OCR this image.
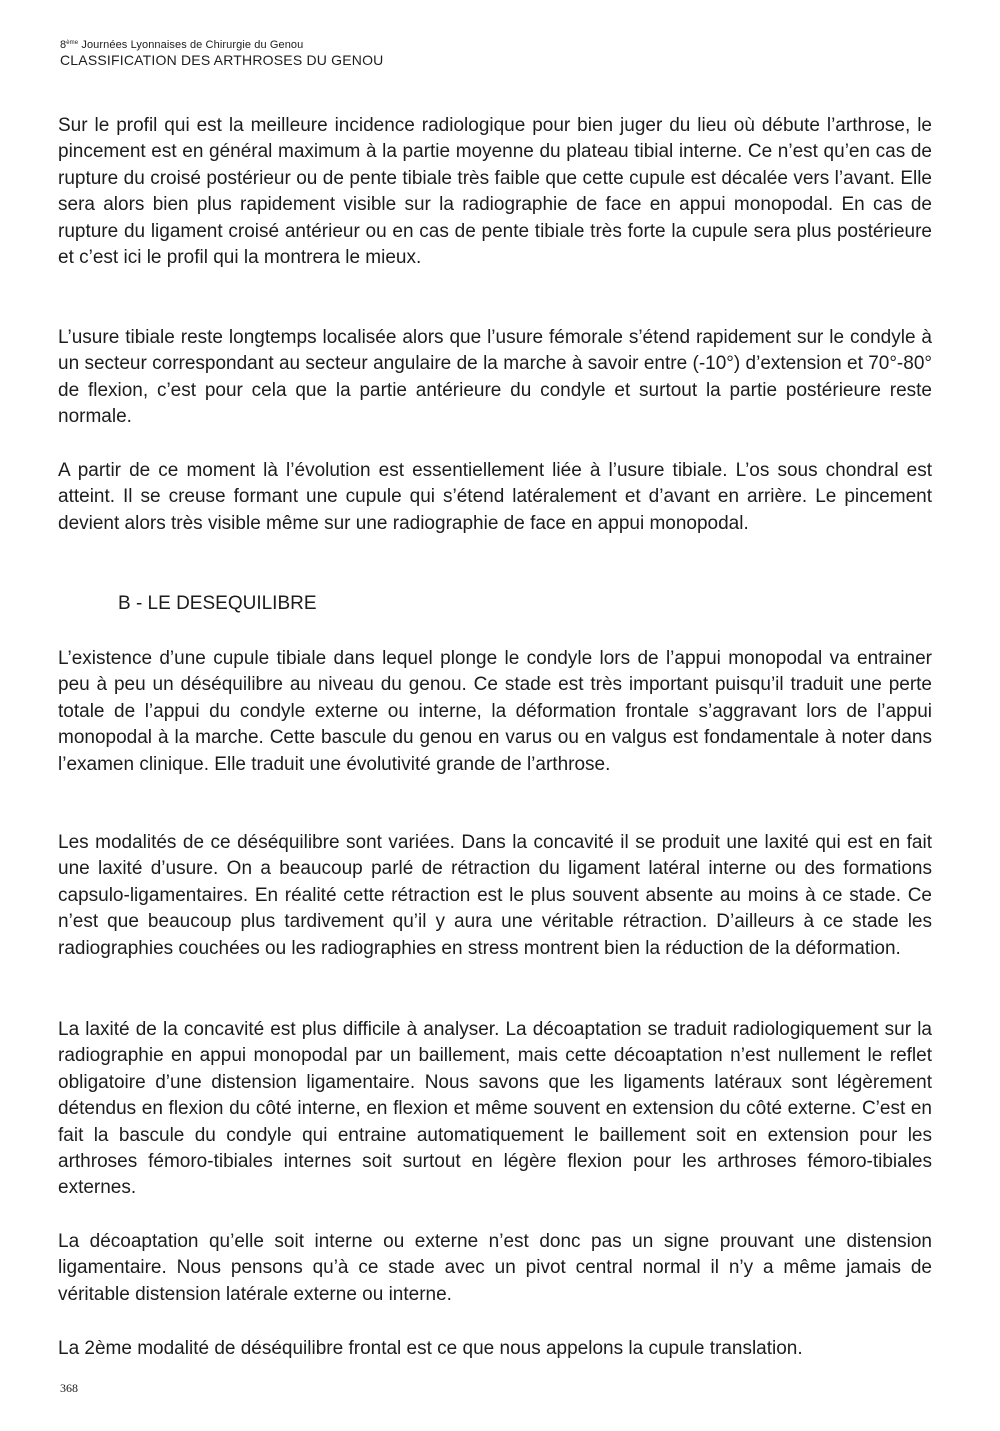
8ème Journées Lyonnaises de Chirurgie du Genou
CLASSIFICATION DES ARTHROSES DU GENOU

Sur le profil qui est la meilleure incidence radiologique pour bien juger du lieu où débute l’arthrose, le pincement est en général maximum à la partie moyenne du plateau tibial interne. Ce n’est qu’en cas de rupture du croisé postérieur ou de pente tibiale très faible que cette cupule est décalée vers l’avant. Elle sera alors bien plus rapidement visible sur la radiographie de face en appui monopodal. En cas de rupture du ligament croisé antérieur ou en cas de pente tibiale très forte la cupule sera plus postérieure et c’est ici le profil qui la montrera le mieux.

L’usure tibiale reste longtemps localisée alors que l’usure fémorale s’étend rapidement sur le condyle à un secteur correspondant au secteur angulaire de la marche à savoir entre (-10°) d’extension et 70°-80° de flexion, c’est pour cela que la partie antérieure du condyle et surtout la partie postérieure reste normale.

A partir de ce moment là l’évolution est essentiellement liée à l’usure tibiale. L’os sous chondral est atteint. Il se creuse formant une cupule qui s’étend latéralement et d’avant en arrière. Le pincement devient alors très visible même sur une radiographie de face en appui monopodal.

B - LE DESEQUILIBRE

L’existence d’une cupule tibiale dans lequel plonge le condyle lors de l’appui monopodal va entrainer peu à peu un déséquilibre au niveau du genou. Ce stade est très important puisqu’il traduit une perte totale de l’appui du condyle externe ou interne, la déformation frontale s’aggravant lors de l’appui monopodal à la marche. Cette bascule du genou en varus ou en valgus est fondamentale à noter dans l’examen clinique. Elle traduit une évolutivité grande de l’arthrose.

Les modalités de ce déséquilibre sont variées. Dans la concavité il se produit une laxité qui est en fait une laxité d’usure. On a beaucoup parlé de rétraction du ligament latéral interne ou des formations capsulo-ligamentaires. En réalité cette rétraction est le plus souvent absente au moins à ce stade. Ce n’est que beaucoup plus tardivement qu’il y aura une véritable rétraction. D’ailleurs à ce stade les radiographies couchées ou les radiographies en stress montrent bien la réduction de la déformation.

La laxité de la concavité est plus difficile à analyser. La décoaptation se traduit radiologiquement sur la radiographie en appui monopodal par un baillement, mais cette décoaptation n’est nullement le reflet obligatoire d’une distension ligamentaire. Nous savons que les ligaments latéraux sont légèrement détendus en flexion du côté interne, en flexion et même souvent en extension du côté externe. C’est en fait la bascule du condyle qui entraine automatiquement le baillement soit en extension pour les arthroses fémoro-tibiales internes soit surtout en légère flexion pour les arthroses fémoro-tibiales externes.

La décoaptation qu’elle soit interne ou externe n’est donc pas un signe prouvant une distension ligamentaire. Nous pensons qu’à ce stade avec un pivot central normal il n’y a même jamais de véritable distension latérale externe ou interne.

La 2ème modalité de déséquilibre frontal est ce que nous appelons la cupule translation.

368
